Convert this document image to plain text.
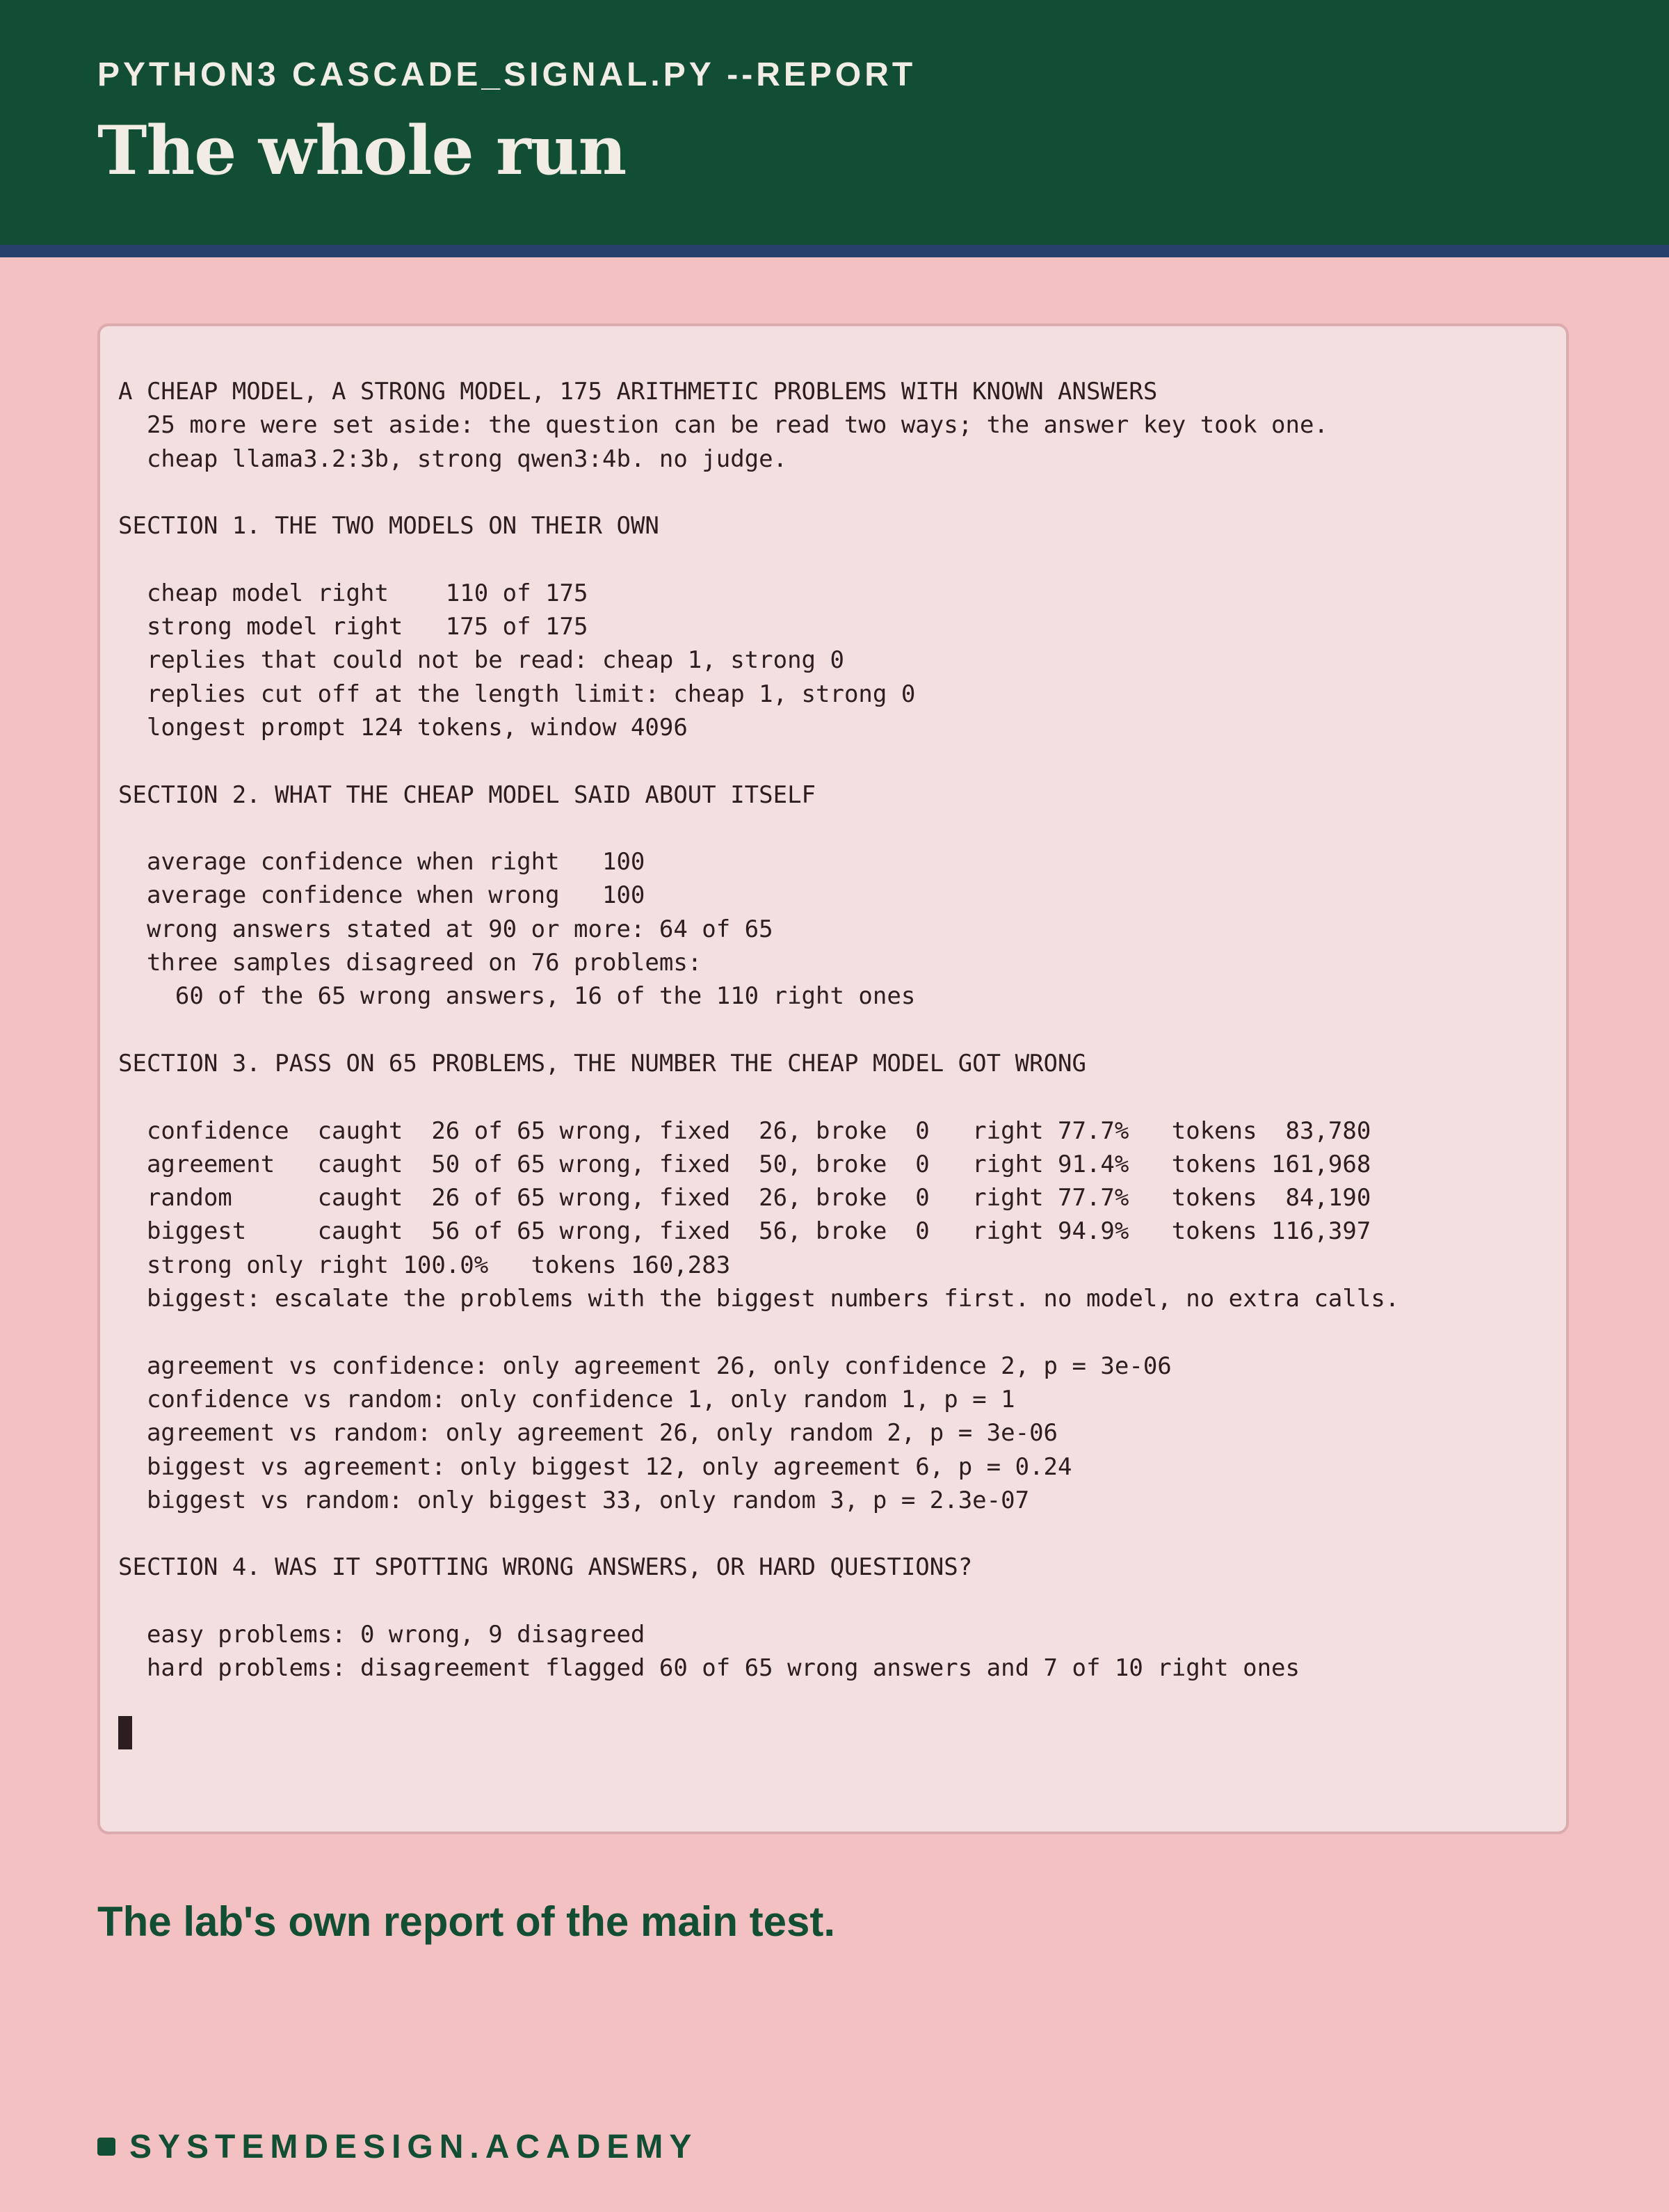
PYTHON3 CASCADE_SIGNAL.PY --REPORT
The whole run
A CHEAP MODEL, A STRONG MODEL, 175 ARITHMETIC PROBLEMS WITH KNOWN ANSWERS
25 more were set aside: the question can be read two ways; the answer key took one.
cheap llama3.2:3b, strong qwen3:4b. no judge.
SECTION 1. THE TWO MODELS ON THEIR OWN
cheap model right    110 of 175
strong model right   175 of 175
replies that could not be read: cheap 1, strong 0
replies cut off at the length limit: cheap 1, strong 0
longest prompt 124 tokens, window 4096
SECTION 2. WHAT THE CHEAP MODEL SAID ABOUT ITSELF
average confidence when right   100
average confidence when wrong   100
wrong answers stated at 90 or more: 64 of 65
three samples disagreed on 76 problems:
60 of the 65 wrong answers, 16 of the 110 right ones
SECTION 3. PASS ON 65 PROBLEMS, THE NUMBER THE CHEAP MODEL GOT WRONG
confidence  caught  26 of 65 wrong, fixed  26, broke  0   right 77.7%   tokens  83,780
agreement   caught  50 of 65 wrong, fixed  50, broke  0   right 91.4%   tokens 161,968
random      caught  26 of 65 wrong, fixed  26, broke  0   right 77.7%   tokens  84,190
biggest     caught  56 of 65 wrong, fixed  56, broke  0   right 94.9%   tokens 116,397
strong only right 100.0%   tokens 160,283
biggest: escalate the problems with the biggest numbers first. no model, no extra calls.
agreement vs confidence: only agreement 26, only confidence 2, p = 3e-06
confidence vs random: only confidence 1, only random 1, p = 1
agreement vs random: only agreement 26, only random 2, p = 3e-06
biggest vs agreement: only biggest 12, only agreement 6, p = 0.24
biggest vs random: only biggest 33, only random 3, p = 2.3e-07
SECTION 4. WAS IT SPOTTING WRONG ANSWERS, OR HARD QUESTIONS?
easy problems: 0 wrong, 9 disagreed
hard problems: disagreement flagged 60 of 65 wrong answers and 7 of 10 right ones
The lab's own report of the main test.
SYSTEMDESIGN.ACADEMY
